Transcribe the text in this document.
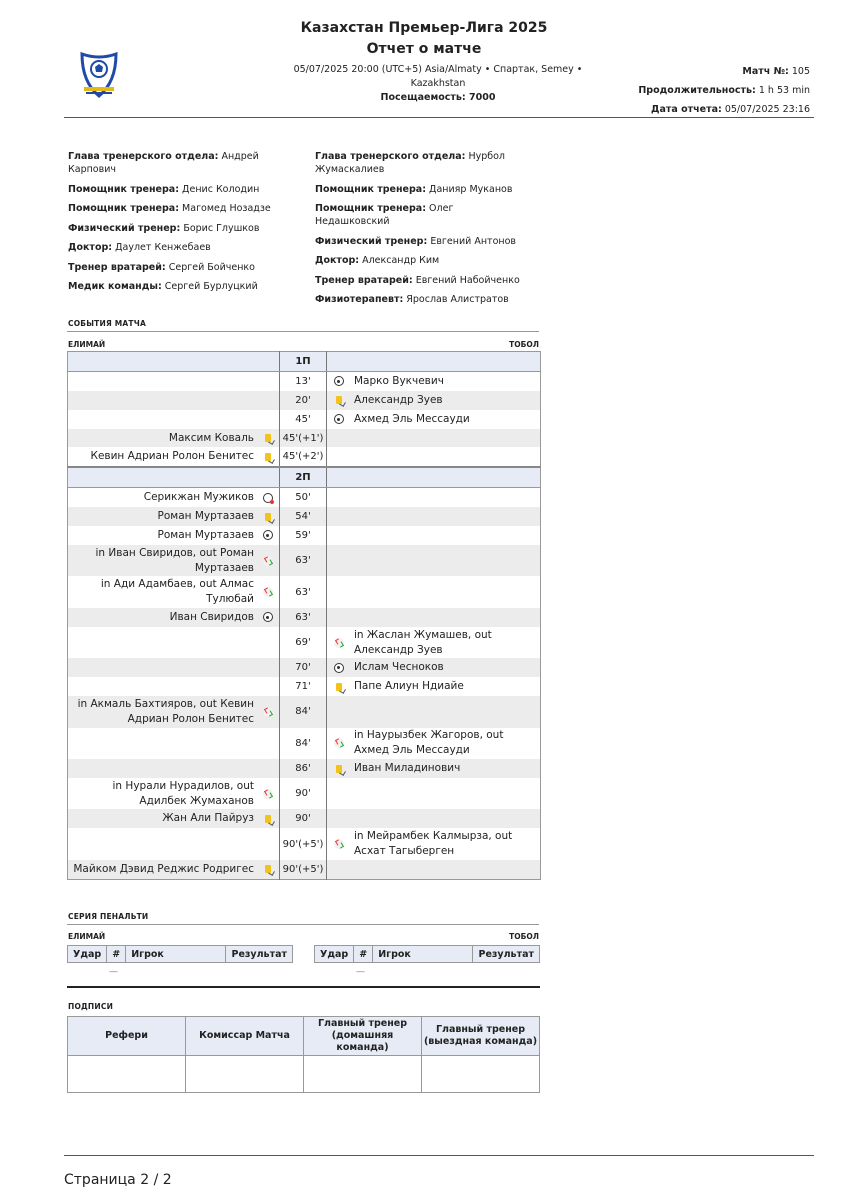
Казахстан Премьер-Лига 2025
Отчет о матче
05/07/2025 20:00 (UTC+5) Asia/Almaty • Спартак, Semey • Kazakhstan
Посещаемость: 7000
Матч №: 105
Продолжительность: 1 h 53 min
Дата отчета: 05/07/2025 23:16
Глава тренерского отдела: Андрей Карпович
Помощник тренера: Денис Колодин
Помощник тренера: Магомед Нозадзе
Физический тренер: Борис Глушков
Доктор: Даулет Кенжебаев
Тренер вратарей: Сергей Бойченко
Медик команды: Сергей Бурлуцкий
Глава тренерского отдела: Нурбол Жумаскалиев
Помощник тренера: Данияр Муканов
Помощник тренера: Олег Недашковский
Физический тренер: Евгений Антонов
Доктор: Александр Ким
Тренер вратарей: Евгений Набойченко
Физиотерапевт: Ярослав Алистратов
СОБЫТИЯ МАТЧА
ЕЛИМАЙ	ТОБОЛ
	1П	
	13'	Марко Вукчевич

	20'	Александр Зуев

	45'	Ахмед Эль Мессауди

Максим Коваль	45'(+1')	

Кевин Адриан Ролон Бенитес	45'(+2')	
	2П	

Серикжан Мужиков	50'	

Роман Муртазаев	54'	

Роман Муртазаев	59'	

in Иван Свиридов, out Роман Муртазаев	63'	

in Ади Адамбаев, out Алмас Тулюбай	63'	

Иван Свиридов	63'	
	69'	in Жаслан Жумашев, out Александр Зуев

	70'	Ислам Чесноков

	71'	Папе Алиун Ндиайе

in Акмаль Бахтияров, out Кевин Адриан Ролон Бенитес	84'	
	84'	in Наурызбек Жагоров, out Ахмед Эль Мессауди

	86'	Иван Миладинович

in Нурали Нурадилов, out Адилбек Жумаханов	90'	

Жан Али Пайруз	90'	
	90'(+5')	in Мейрамбек Калмырза, out Асхат Тагыберген

Майком Дэвид Реджис Родригес	90'(+5')	
СЕРИЯ ПЕНАЛЬТИ
ЕЛИМАЙ	ТОБОЛ
Удар	#	Игрок	Результат	Удар	#	Игрок	Результат
—	—
ПОДПИСИ
Рефери	Комиссар Матча	Главный тренер (домашняя команда)	Главный тренер (выездная команда)

Страница 2 / 2
